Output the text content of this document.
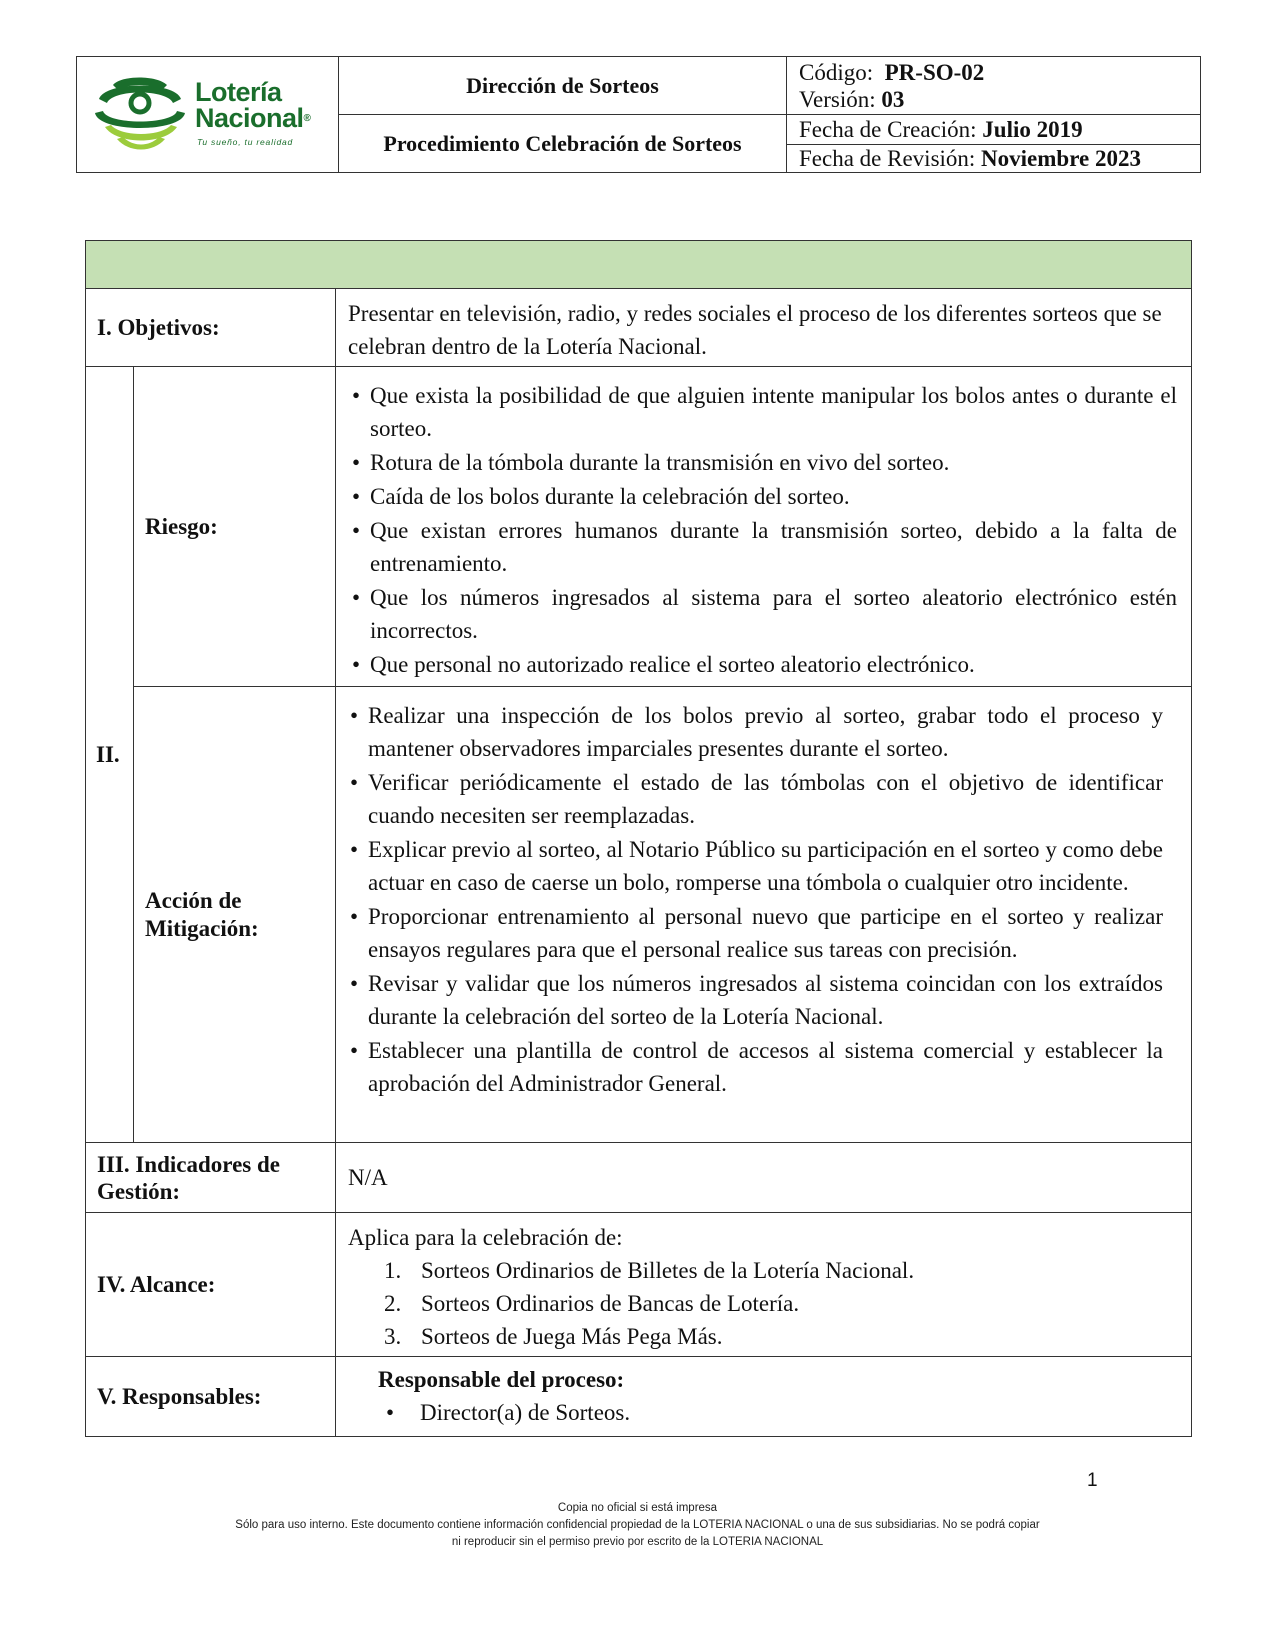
Lotería
Nacional®
Tu sueño, tu realidad
Dirección de Sorteos
Procedimiento Celebración de Sorteos
Código: PR-SO-02
Versión: 03
Fecha de Creación: Julio 2019
Fecha de Revisión: Noviembre 2023
I. Objetivos:
Presentar en televisión, radio, y redes sociales el proceso de los diferentes sorteos que se celebran dentro de la Lotería Nacional.
II.
Riesgo:
• Que exista la posibilidad de que alguien intente manipular los bolos antes o durante el sorteo.
• Rotura de la tómbola durante la transmisión en vivo del sorteo.
• Caída de los bolos durante la celebración del sorteo.
• Que existan errores humanos durante la transmisión sorteo, debido a la falta de entrenamiento.
• Que los números ingresados al sistema para el sorteo aleatorio electrónico estén incorrectos.
• Que personal no autorizado realice el sorteo aleatorio electrónico.
Acción de
Mitigación:
• Realizar una inspección de los bolos previo al sorteo, grabar todo el proceso y mantener observadores imparciales presentes durante el sorteo.
• Verificar periódicamente el estado de las tómbolas con el objetivo de identificar cuando necesiten ser reemplazadas.
• Explicar previo al sorteo, al Notario Público su participación en el sorteo y como debe actuar en caso de caerse un bolo, romperse una tómbola o cualquier otro incidente.
• Proporcionar entrenamiento al personal nuevo que participe en el sorteo y realizar ensayos regulares para que el personal realice sus tareas con precisión.
• Revisar y validar que los números ingresados al sistema coincidan con los extraídos durante la celebración del sorteo de la Lotería Nacional.
• Establecer una plantilla de control de accesos al sistema comercial y establecer la aprobación del Administrador General.
III. Indicadores de
Gestión:
N/A
IV. Alcance:
Aplica para la celebración de:
1. Sorteos Ordinarios de Billetes de la Lotería Nacional.
2. Sorteos Ordinarios de Bancas de Lotería.
3. Sorteos de Juega Más Pega Más.
V. Responsables:
Responsable del proceso:
• Director(a) de Sorteos.
1
Copia no oficial si está impresa
Sólo para uso interno. Este documento contiene información confidencial propiedad de la LOTERIA NACIONAL o una de sus subsidiarias. No se podrá copiar
ni reproducir sin el permiso previo por escrito de la LOTERIA NACIONAL
